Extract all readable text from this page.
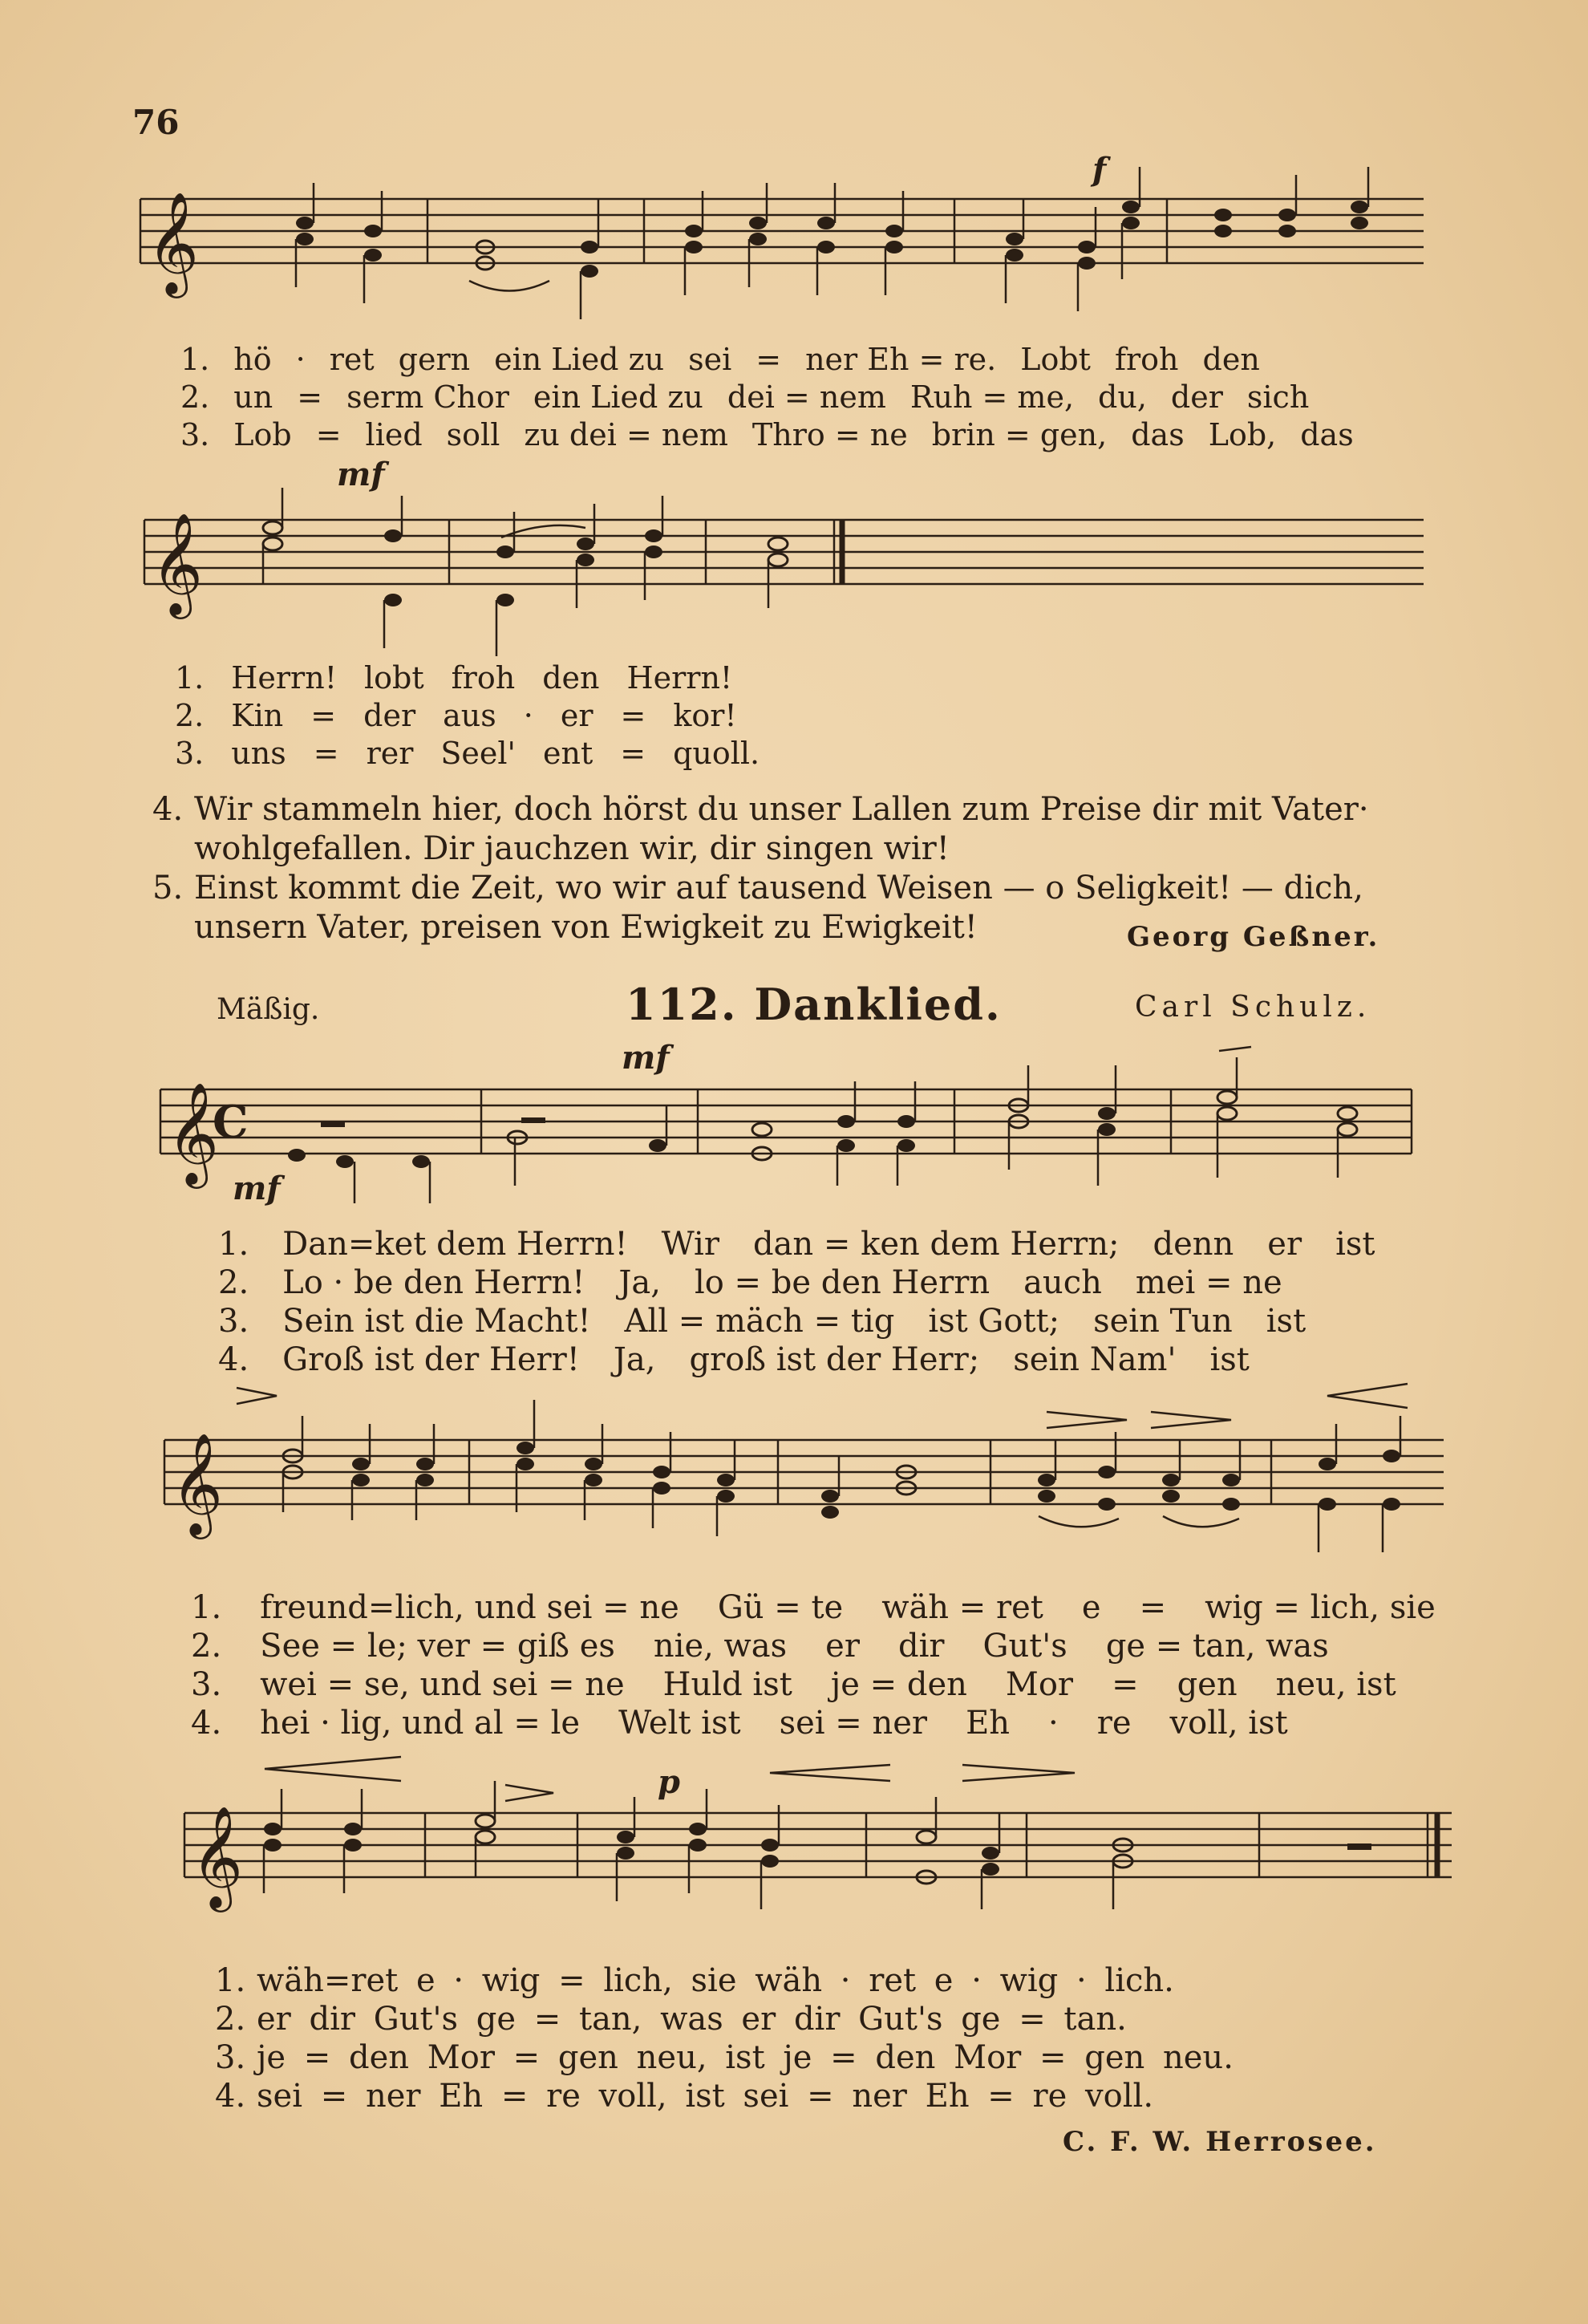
76
f
𝄞
1. hö · ret gern ein Lied zu sei = ner Eh = re. Lobt froh den
2. un = serm Chor ein Lied zu dei = nem Ruh = me, du, der sich
3. Lob = lied soll zu dei = nem Thro = ne brin = gen, das Lob, das
mf
𝄞
1. Herrn! lobt froh den Herrn!
2. Kin = der aus · er = kor!
3. uns = rer Seel' ent = quoll.
4. Wir stammeln hier, doch hörst du unser Lallen zum Preise dir mit Vater· wohlgefallen. Dir jauchzen wir, dir singen wir!
5. Einst kommt die Zeit, wo wir auf tausend Weisen — o Seligkeit! — dich, unsern Vater, preisen von Ewigkeit zu Ewigkeit!	Georg Geßner.
Mäßig.	112. Danklied.	Carl Schulz.
mf
mf
𝄞
C
1. Dan=ket dem Herrn! Wir dan = ken dem Herrn; denn er ist
2. Lo · be den Herrn! Ja, lo = be den Herrn auch mei = ne
3. Sein ist die Macht! All = mäch = tig ist Gott; sein Tun ist
4. Groß ist der Herr! Ja, groß ist der Herr; sein Nam' ist
𝄞
1. freund=lich, und sei = ne Gü = te wäh = ret e = wig = lich, sie
2. See = le; ver = giß es nie, was er dir Gut's ge = tan, was
3. wei = se, und sei = ne Huld ist je = den Mor = gen neu, ist
4. hei · lig, und al = le Welt ist sei = ner Eh · re voll, ist
p
𝄞
1. wäh=ret e · wig = lich, sie wäh · ret e · wig · lich.
2. er dir Gut's ge = tan, was er dir Gut's ge = tan.
3. je = den Mor = gen neu, ist je = den Mor = gen neu.
4. sei = ner Eh = re voll, ist sei = ner Eh = re voll.
C. F. W. Herrosee.
